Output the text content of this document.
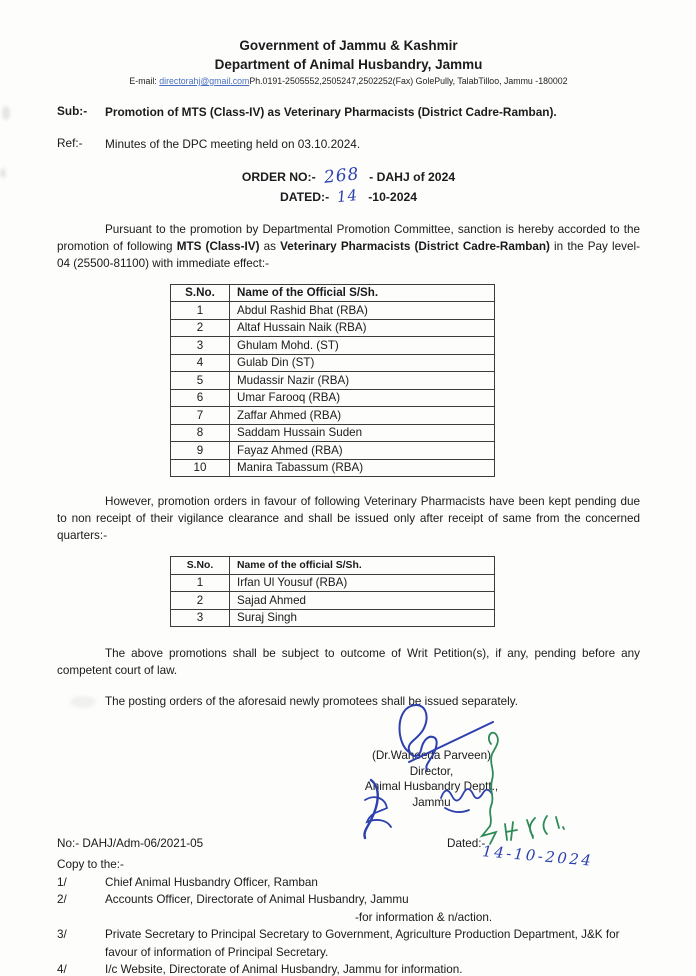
Government of Jammu & Kashmir
Department of Animal Husbandry, Jammu
E-mail: directorahj@gmail.comPh.0191-2505552,2505247,2502252(Fax) GolePully, TalabTilloo, Jammu -180002
Sub:-	Promotion of MTS (Class-IV) as Veterinary Pharmacists (District Cadre-Ramban).
Ref:-	Minutes of the DPC meeting held on 03.10.2024.
ORDER NO:- 268 - DAHJ of 2024
DATED:- 14 -10-2024

Pursuant to the promotion by Departmental Promotion Committee, sanction is hereby accorded to the promotion of following MTS (Class-IV) as Veterinary Pharmacists (District Cadre-Ramban) in the Pay level- 04 (25500-81100) with immediate effect:-

S.No.	Name of the Official S/Sh.
1	Abdul Rashid Bhat (RBA)
2	Altaf Hussain Naik (RBA)
3	Ghulam Mohd. (ST)
4	Gulab Din (ST)
5	Mudassir Nazir (RBA)
6	Umar Farooq (RBA)
7	Zaffar Ahmed (RBA)
8	Saddam Hussain Suden
9	Fayaz Ahmed (RBA)
10	Manira Tabassum (RBA)

However, promotion orders in favour of following Veterinary Pharmacists have been kept pending due to non receipt of their vigilance clearance and shall be issued only after receipt of same from the concerned quarters:-

S.No.	Name of the official S/Sh.
1	Irfan Ul Yousuf (RBA)
2	Sajad Ahmed
3	Suraj Singh

The above promotions shall be subject to outcome of Writ Petition(s), if any, pending before any competent court of law.

The posting orders of the aforesaid newly promotees shall be issued separately.

(Dr.Waheeda Parveen)
Director,
Animal Husbandry Deptt.,
Jammu
No:- DAHJ/Adm-06/2021-05	Dated:-
14-10-2024
Copy to the:-
1/	Chief Animal Husbandry Officer, Ramban
2/	Accounts Officer, Directorate of Animal Husbandry, Jammu
-for information & n/action.
3/	Private Secretary to Principal Secretary to Government, Agriculture Production Department, J&K for favour of information of Principal Secretary.
4/	I/c Website, Directorate of Animal Husbandry, Jammu for information.
